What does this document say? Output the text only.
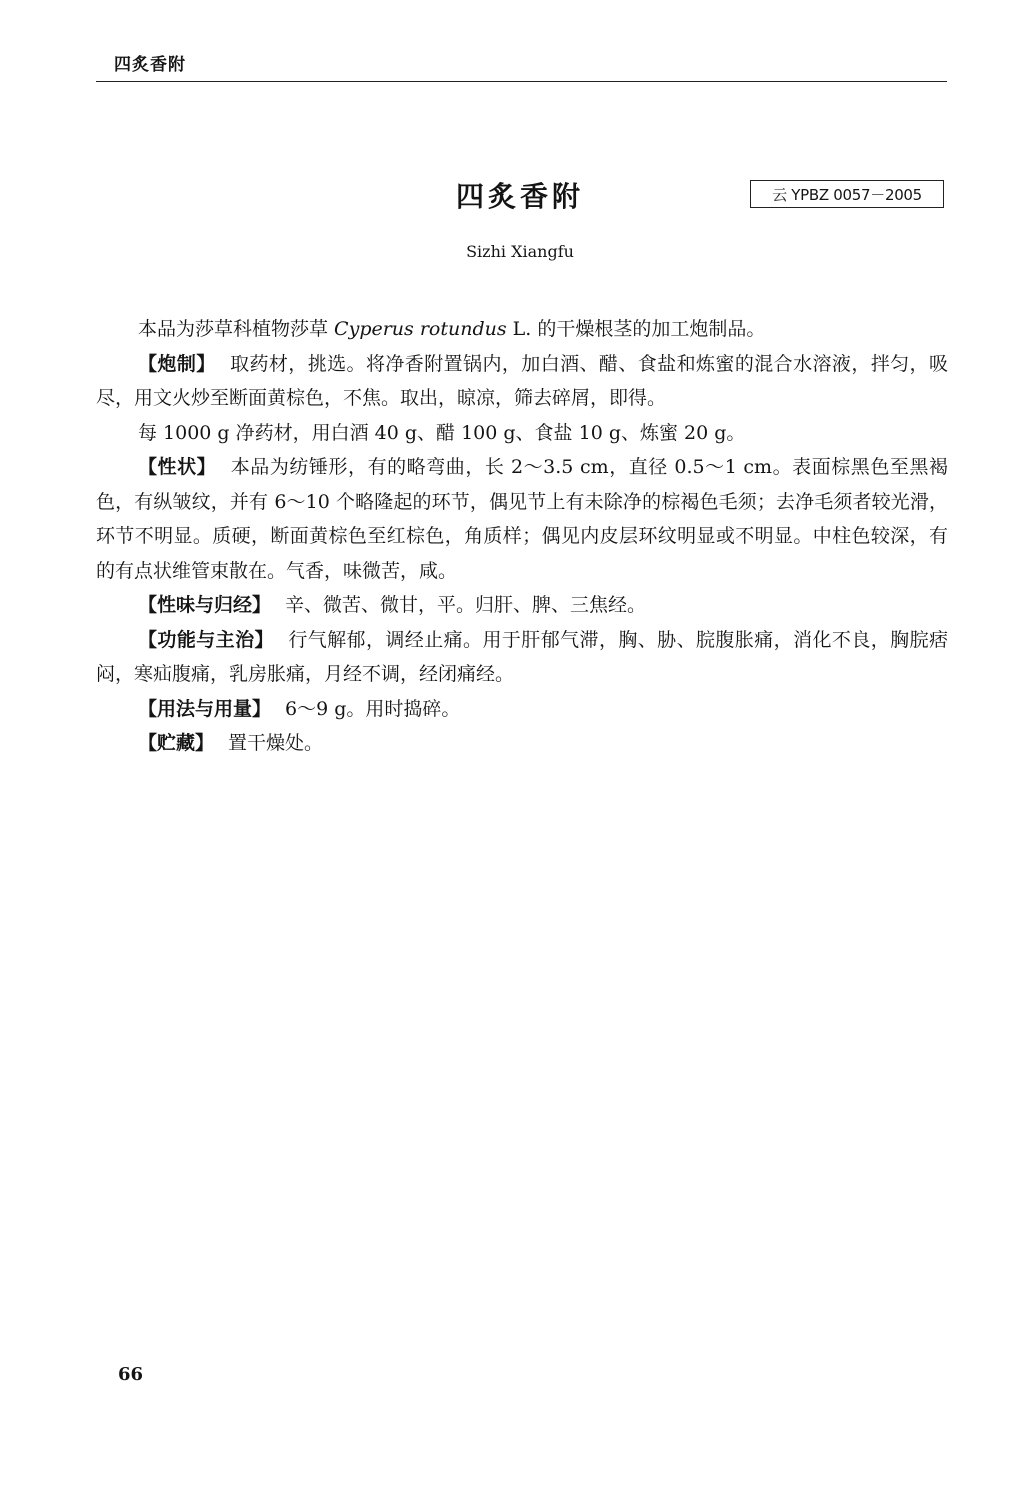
四炙香附
四炙香附	云 YPBZ 0057－2005
Sizhi Xiangfu

本品为莎草科植物莎草 Cyperus rotundus L. 的干燥根茎的加工炮制品。

【炮制】 取药材，挑选。将净香附置锅内，加白酒、醋、食盐和炼蜜的混合水溶液，拌匀，吸尽，用文火炒至断面黄棕色，不焦。取出，晾凉，筛去碎屑，即得。

每 1000 g 净药材，用白酒 40 g、醋 100 g、食盐 10 g、炼蜜 20 g。

【性状】 本品为纺锤形，有的略弯曲，长 2～3.5 cm，直径 0.5～1 cm。表面棕黑色至黑褐色，有纵皱纹，并有 6～10 个略隆起的环节，偶见节上有未除净的棕褐色毛须；去净毛须者较光滑，环节不明显。质硬，断面黄棕色至红棕色，角质样；偶见内皮层环纹明显或不明显。中柱色较深，有的有点状维管束散在。气香，味微苦，咸。

【性味与归经】 辛、微苦、微甘，平。归肝、脾、三焦经。

【功能与主治】 行气解郁，调经止痛。用于肝郁气滞，胸、胁、脘腹胀痛，消化不良，胸脘痞闷，寒疝腹痛，乳房胀痛，月经不调，经闭痛经。

【用法与用量】 6～9 g。用时捣碎。

【贮藏】 置干燥处。

66
